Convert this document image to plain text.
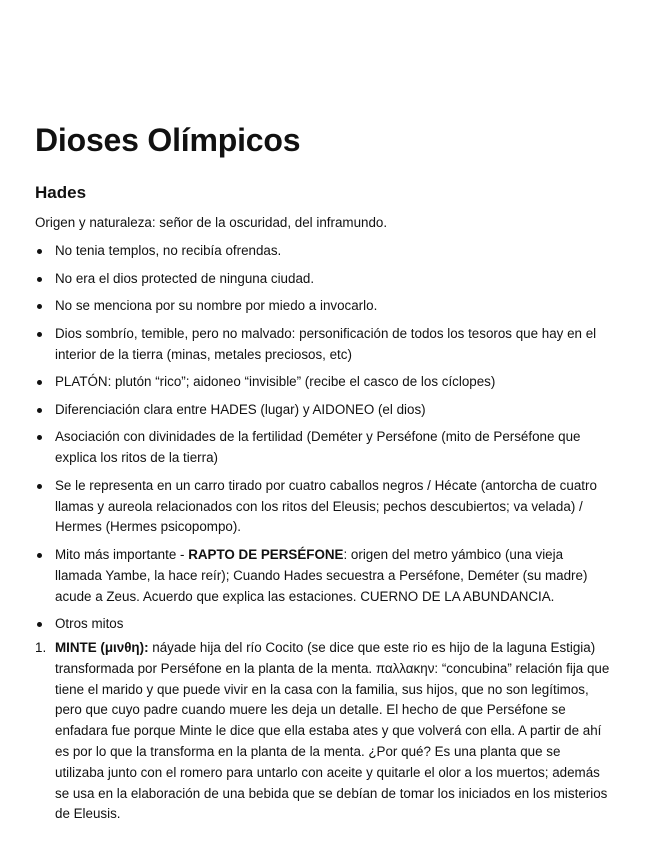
Dioses Olímpicos
Hades

Origen y naturaleza: señor de la oscuridad, del inframundo.

No tenia templos, no recibía ofrendas.
No era el dios protected de ninguna ciudad.
No se menciona por su nombre por miedo a invocarlo.
Dios sombrío, temible, pero no malvado: personificación de todos los tesoros que hay en el interior de la tierra (minas, metales preciosos, etc)
PLATÓN: plutón “rico”; aidoneo “invisible” (recibe el casco de los cíclopes)
Diferenciación clara entre HADES (lugar) y AIDONEO (el dios)
Asociación con divinidades de la fertilidad (Deméter y Perséfone (mito de Perséfone que explica los ritos de la tierra)
Se le representa en un carro tirado por cuatro caballos negros / Hécate (antorcha de cuatro llamas y aureola relacionados con los ritos del Eleusis; pechos descubiertos; va velada) / Hermes (Hermes psicopompo).
Mito más importante - RAPTO DE PERSÉFONE: origen del metro yámbico (una vieja llamada Yambe, la hace reír); Cuando Hades secuestra a Perséfone, Deméter (su madre) acude a Zeus. Acuerdo que explica las estaciones. CUERNO DE LA ABUNDANCIA.
Otros mitos
1. MINTE (μινθη): náyade hija del río Cocito (se dice que este rio es hijo de la laguna Estigia) transformada por Perséfone en la planta de la menta. παλλακην: “concubina” relación fija que tiene el marido y que puede vivir en la casa con la familia, sus hijos, que no son legítimos, pero que cuyo padre cuando muere les deja un detalle. El hecho de que Perséfone se enfadara fue porque Minte le dice que ella estaba ates y que volverá con ella. A partir de ahí es por lo que la transforma en la planta de la menta. ¿Por qué? Es una planta que se utilizaba junto con el romero para untarlo con aceite y quitarle el olor a los muertos; además se usa en la elaboración de una bebida que se debían de tomar los iniciados en los misterios de Eleusis.
